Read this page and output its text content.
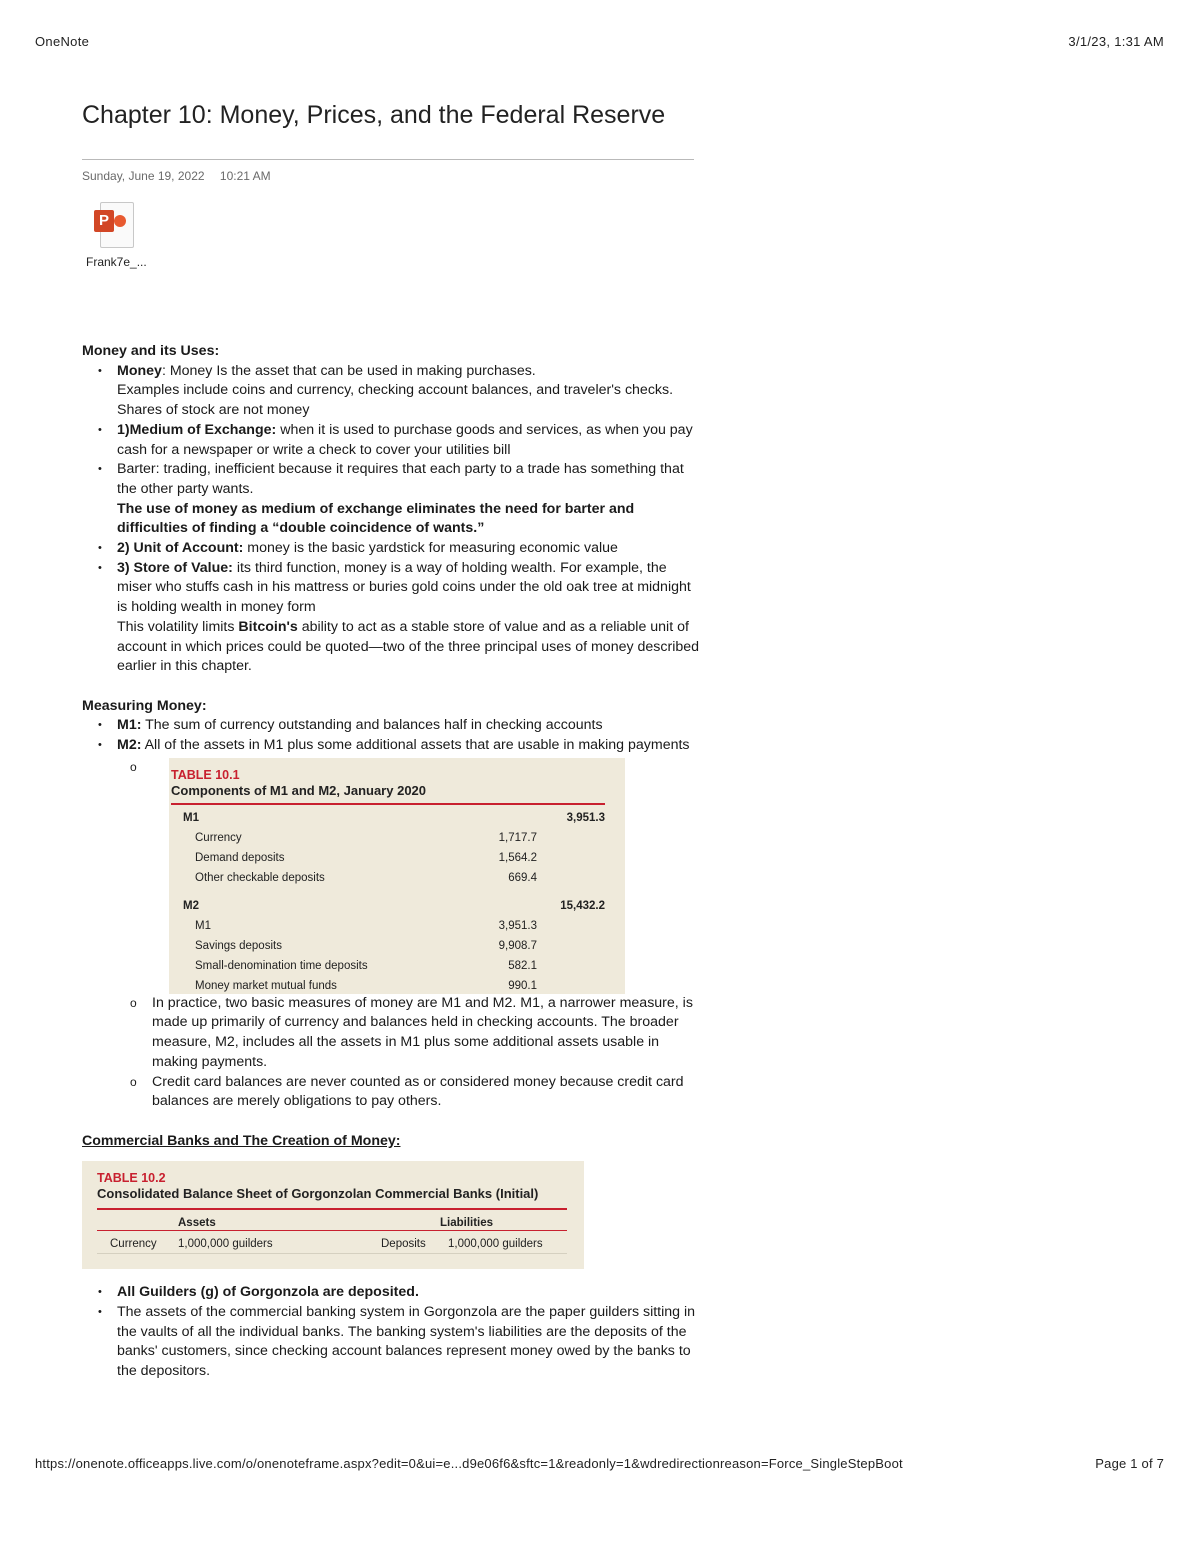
OneNote	3/1/23, 1:31 AM
Chapter 10: Money, Prices, and the Federal Reserve
Sunday, June 19, 2022 10:21 AM
P
Frank7e_...
Money and its Uses:
• Money: Money Is the asset that can be used in making purchases.
Examples include coins and currency, checking account balances, and traveler's checks.
Shares of stock are not money
• 1)Medium of Exchange: when it is used to purchase goods and services, as when you pay cash for a newspaper or write a check to cover your utilities bill
• Barter: trading, inefficient because it requires that each party to a trade has something that the other party wants.
The use of money as medium of exchange eliminates the need for barter and difficulties of finding a “double coincidence of wants.”
• 2) Unit of Account: money is the basic yardstick for measuring economic value
• 3) Store of Value: its third function, money is a way of holding wealth. For example, the miser who stuffs cash in his mattress or buries gold coins under the old oak tree at midnight is holding wealth in money form
This volatility limits Bitcoin's ability to act as a stable store of value and as a reliable unit of account in which prices could be quoted—two of the three principal uses of money described earlier in this chapter.
Measuring Money:
• M1: The sum of currency outstanding and balances half in checking accounts
• M2: All of the assets in M1 plus some additional assets that are usable in making payments
o TABLE 10.1
Components of M1 and M2, January 2020
M1	3,951.3
Currency	1,717.7
Demand deposits	1,564.2
Other checkable deposits	669.4
M2	15,432.2
M1	3,951.3
Savings deposits	9,908.7
Small-denomination time deposits	582.1
Money market mutual funds	990.1
o In practice, two basic measures of money are M1 and M2. M1, a narrower measure, is made up primarily of currency and balances held in checking accounts. The broader measure, M2, includes all the assets in M1 plus some additional assets usable in making payments.
o Credit card balances are never counted as or considered money because credit card balances are merely obligations to pay others.
Commercial Banks and The Creation of Money:
TABLE 10.2
Consolidated Balance Sheet of Gorgonzolan Commercial Banks (Initial)
Assets	Liabilities
Currency 1,000,000 guilders	Deposits 1,000,000 guilders
• All Guilders (g) of Gorgonzola are deposited.
• The assets of the commercial banking system in Gorgonzola are the paper guilders sitting in the vaults of all the individual banks. The banking system's liabilities are the deposits of the banks' customers, since checking account balances represent money owed by the banks to the depositors.
https://onenote.officeapps.live.com/o/onenoteframe.aspx?edit=0&ui=e...d9e06f6&sftc=1&readonly=1&wdredirectionreason=Force_SingleStepBoot	Page 1 of 7
